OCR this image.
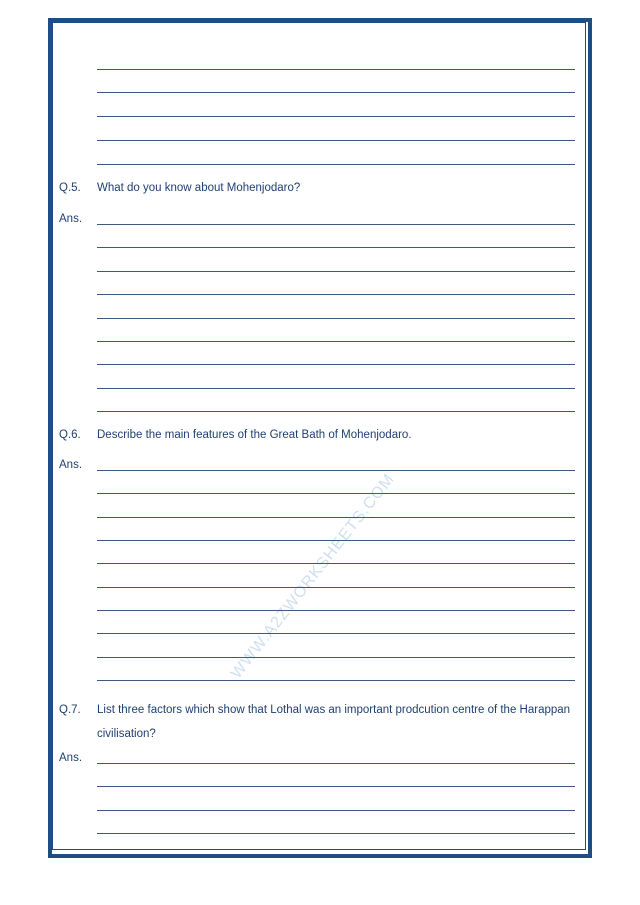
WWW.A2ZWORKSHEETS.COM
Q.5. What do you know about Mohenjodaro?
Ans.
Q.6. Describe the main features of the Great Bath of Mohenjodaro.
Ans.
Q.7. List three factors which show that Lothal was an important prodcution centre of the Harappan civilisation?
Ans.
